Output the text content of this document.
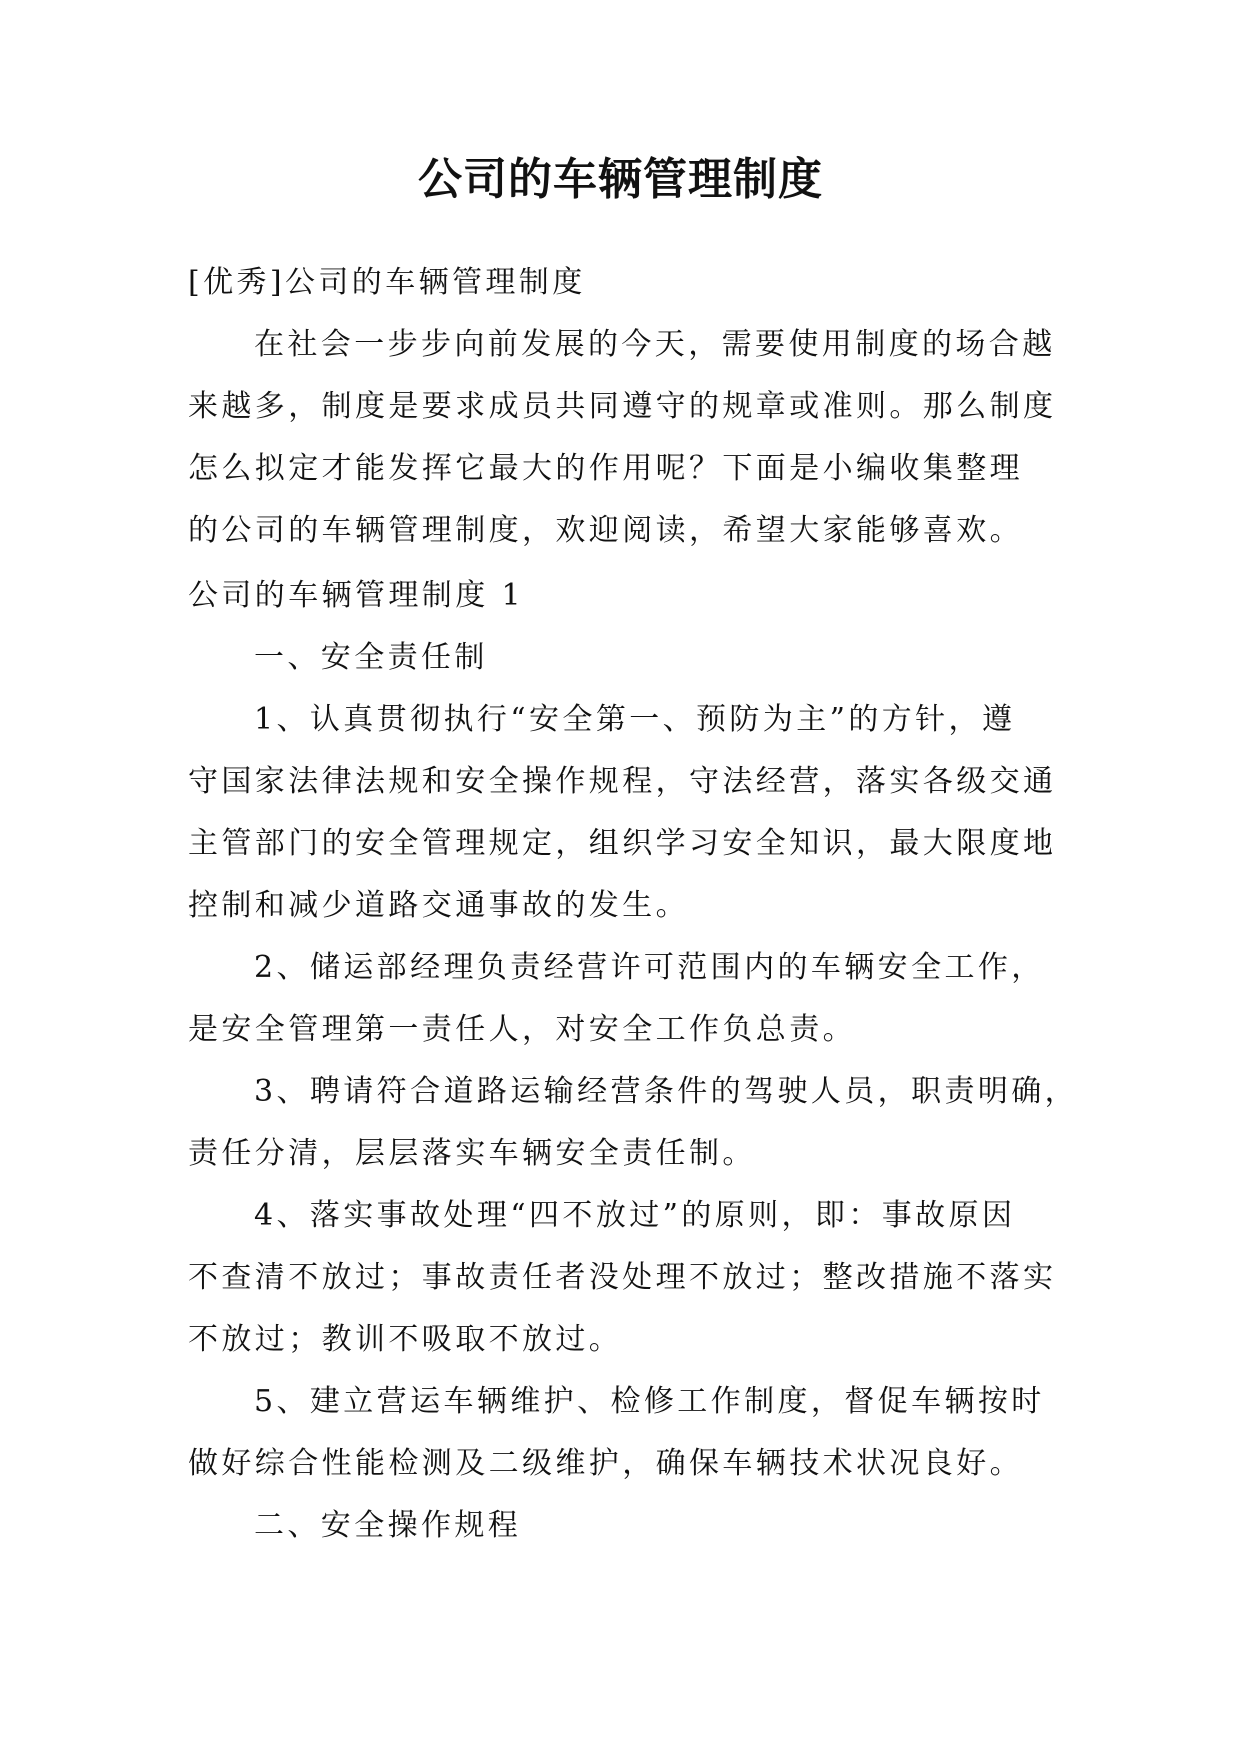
公司的车辆管理制度
[优秀]公司的车辆管理制度
在社会一步步向前发展的今天，需要使用制度的场合越
来越多，制度是要求成员共同遵守的规章或准则。那么制度
怎么拟定才能发挥它最大的作用呢？下面是小编收集整理
的公司的车辆管理制度，欢迎阅读，希望大家能够喜欢。
公司的车辆管理制度 1
一、安全责任制
1、认真贯彻执行“安全第一、预防为主”的方针，遵
守国家法律法规和安全操作规程，守法经营，落实各级交通
主管部门的安全管理规定，组织学习安全知识，最大限度地
控制和减少道路交通事故的发生。
2、储运部经理负责经营许可范围内的车辆安全工作，
是安全管理第一责任人，对安全工作负总责。
3、聘请符合道路运输经营条件的驾驶人员，职责明确，
责任分清，层层落实车辆安全责任制。
4、落实事故处理“四不放过”的原则，即：事故原因
不查清不放过；事故责任者没处理不放过；整改措施不落实
不放过；教训不吸取不放过。
5、建立营运车辆维护、检修工作制度，督促车辆按时
做好综合性能检测及二级维护，确保车辆技术状况良好。
二、安全操作规程
